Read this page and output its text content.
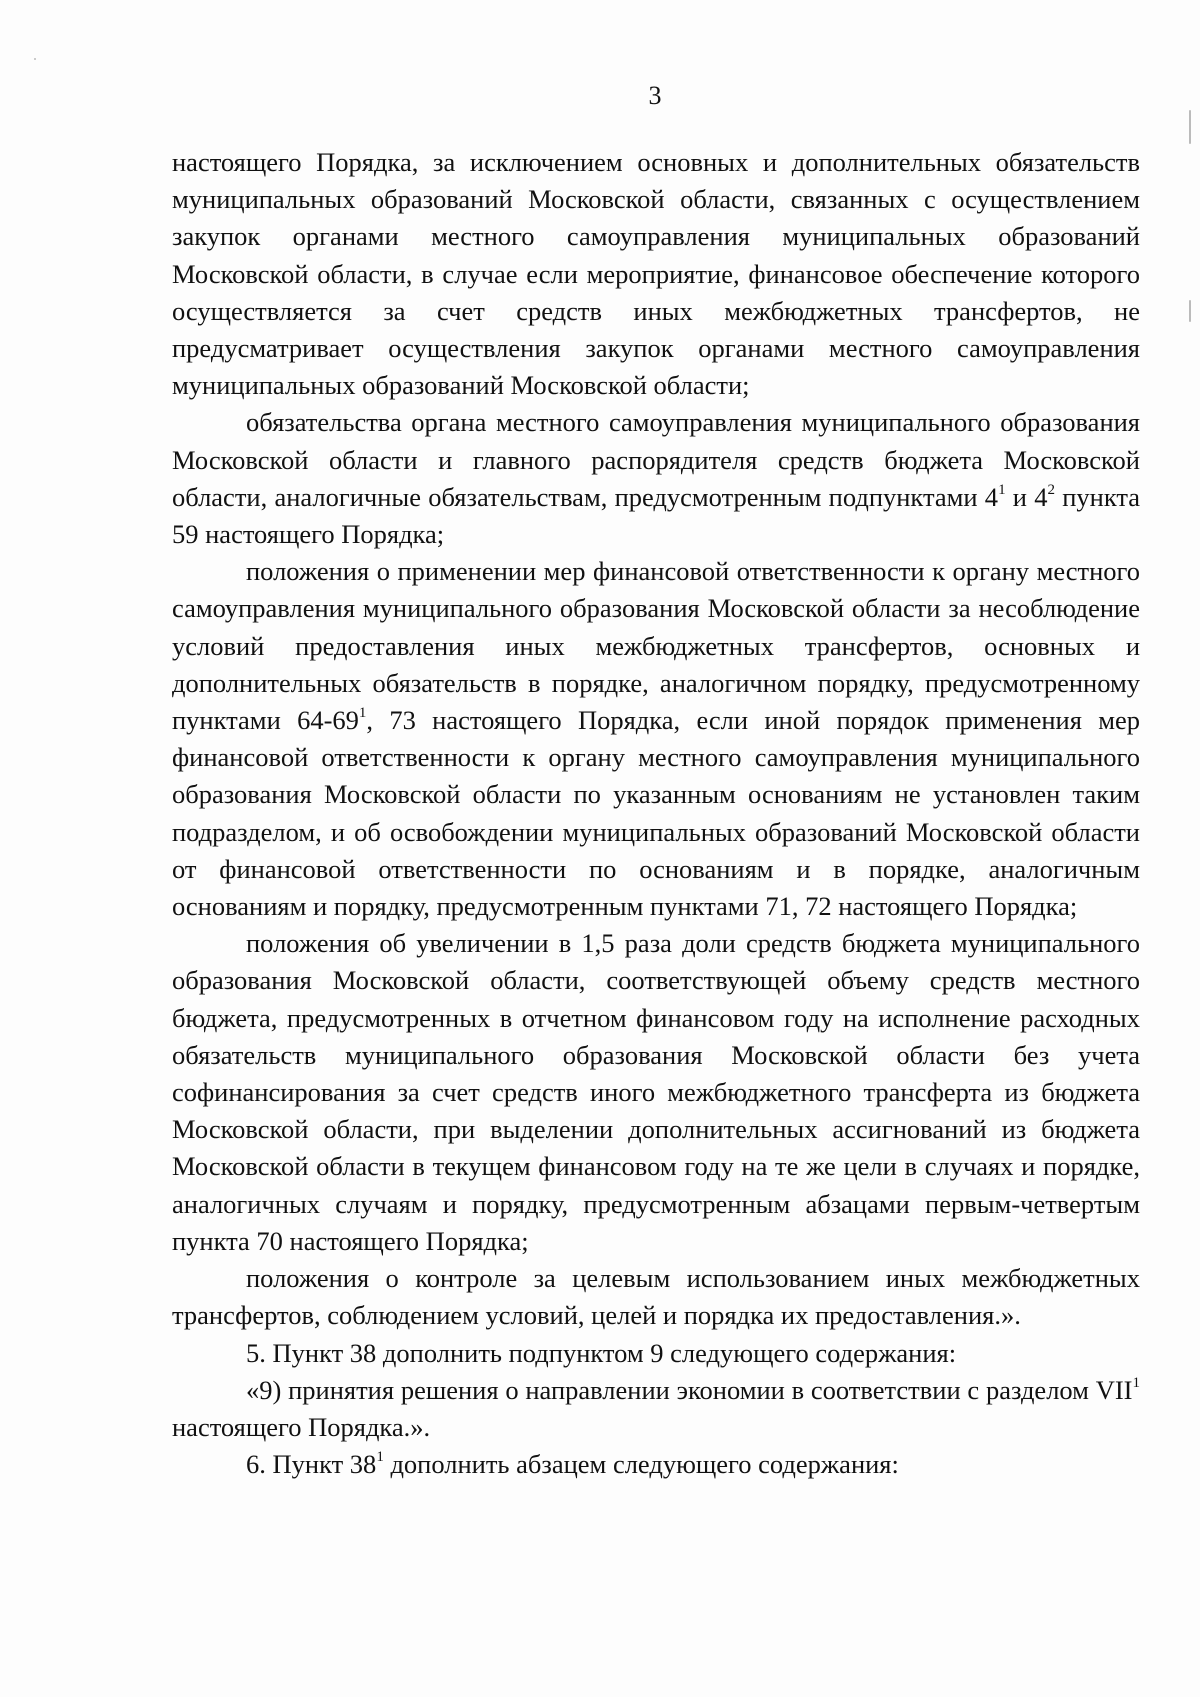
3

настоящего Порядка, за исключением основных и дополнительных обязательств муниципальных образований Московской области, связанных с осуществлением закупок органами местного самоуправления муниципальных образований Московской области, в случае если мероприятие, финансовое обеспечение которого осуществляется за счет средств иных межбюджетных трансфертов, не предусматривает осуществления закупок органами местного самоуправления муниципальных образований Московской области;

обязательства органа местного самоуправления муниципального образования Московской области и главного распорядителя средств бюджета Московской области, аналогичные обязательствам, предусмотренным подпунктами $4^1$ и $4^2$ пункта 59 настоящего Порядка;

положения о применении мер финансовой ответственности к органу местного самоуправления муниципального образования Московской области за несоблюдение условий предоставления иных межбюджетных трансфертов, основных и дополнительных обязательств в порядке, аналогичном порядку, предусмотренному пунктами $64-69^1$, 73 настоящего Порядка, если иной порядок применения мер финансовой ответственности к органу местного самоуправления муниципального образования Московской области по указанным основаниям не установлен таким подразделом, и об освобождении муниципальных образований Московской области от финансовой ответственности по основаниям и в порядке, аналогичным основаниям и порядку, предусмотренным пунктами 71, 72 настоящего Порядка;

положения об увеличении в 1,5 раза доли средств бюджета муниципального образования Московской области, соответствующей объему средств местного бюджета, предусмотренных в отчетном финансовом году на исполнение расходных обязательств муниципального образования Московской области без учета софинансирования за счет средств иного межбюджетного трансферта из бюджета Московской области, при выделении дополнительных ассигнований из бюджета Московской области в текущем финансовом году на те же цели в случаях и порядке, аналогичных случаям и порядку, предусмотренным абзацами первым-четвертым пункта 70 настоящего Порядка;

положения о контроле за целевым использованием иных межбюджетных трансфертов, соблюдением условий, целей и порядка их предоставления.».

5. Пункт 38 дополнить подпунктом 9 следующего содержания:

«9) принятия решения о направлении экономии в соответствии с разделом VII$^1$ настоящего Порядка.».

6. Пункт $38^1$ дополнить абзацем следующего содержания:
